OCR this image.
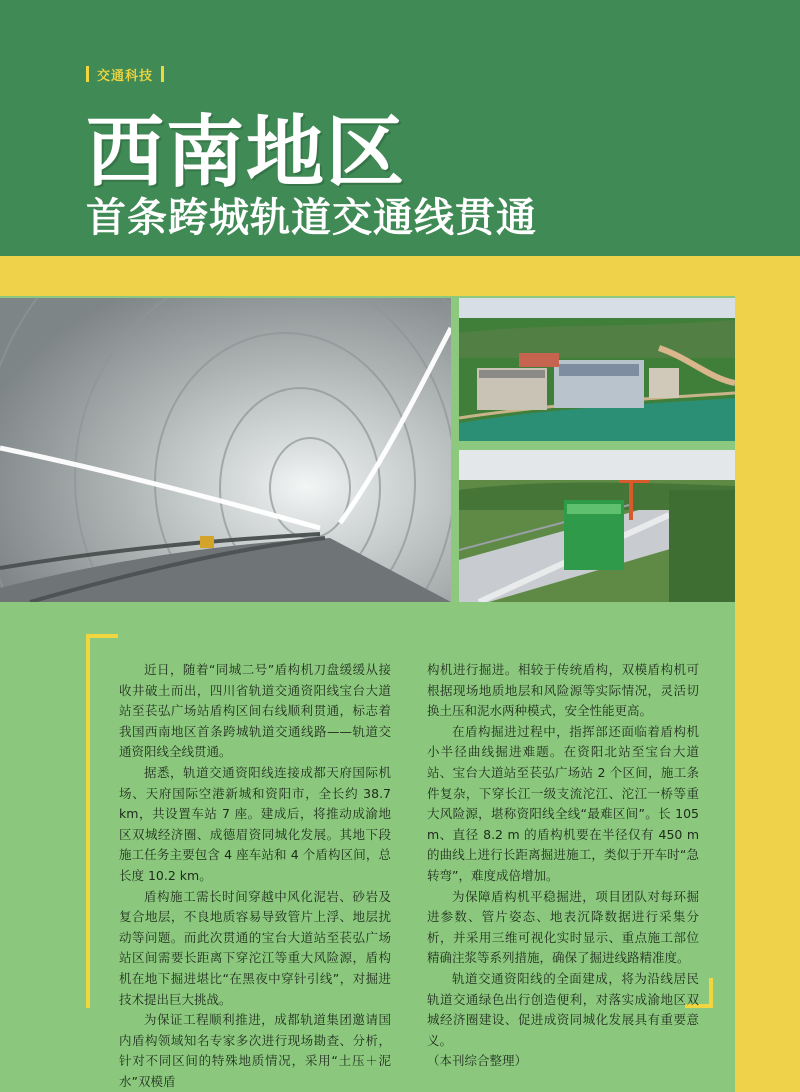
交通科技
西南地区
首条跨城轨道交通线贯通

近日，随着“同城二号”盾构机刀盘缓缓从接收井破土而出，四川省轨道交通资阳线宝台大道站至苌弘广场站盾构区间右线顺利贯通，标志着我国西南地区首条跨城轨道交通线路——轨道交通资阳线全线贯通。

据悉，轨道交通资阳线连接成都天府国际机场、天府国际空港新城和资阳市，全长约 38.7 km，共设置车站 7 座。建成后，将推动成渝地区双城经济圈、成德眉资同城化发展。其地下段施工任务主要包含 4 座车站和 4 个盾构区间，总长度 10.2 km。

盾构施工需长时间穿越中风化泥岩、砂岩及复合地层，不良地质容易导致管片上浮、地层扰动等问题。而此次贯通的宝台大道站至苌弘广场站区间需要长距离下穿沱江等重大风险源，盾构机在地下掘进堪比“在黑夜中穿针引线”，对掘进技术提出巨大挑战。

为保证工程顺利推进，成都轨道集团邀请国内盾构领域知名专家多次进行现场勘查、分析，针对不同区间的特殊地质情况，采用“土压＋泥水”双模盾

构机进行掘进。相较于传统盾构，双模盾构机可根据现场地质地层和风险源等实际情况，灵活切换土压和泥水两种模式，安全性能更高。

在盾构掘进过程中，指挥部还面临着盾构机小半径曲线掘进难题。在资阳北站至宝台大道站、宝台大道站至苌弘广场站 2 个区间，施工条件复杂，下穿长江一级支流沱江、沱江一桥等重大风险源，堪称资阳线全线“最难区间”。长 105 m、直径 8.2 m 的盾构机要在半径仅有 450 m 的曲线上进行长距离掘进施工，类似于开车时“急转弯”，难度成倍增加。

为保障盾构机平稳掘进，项目团队对每环掘进参数、管片姿态、地表沉降数据进行采集分析，并采用三维可视化实时显示、重点施工部位精确注浆等系列措施，确保了掘进线路精准度。

轨道交通资阳线的全面建成，将为沿线居民轨道交通绿色出行创造便利，对落实成渝地区双城经济圈建设、促进成资同城化发展具有重要意义。

（本刊综合整理）
